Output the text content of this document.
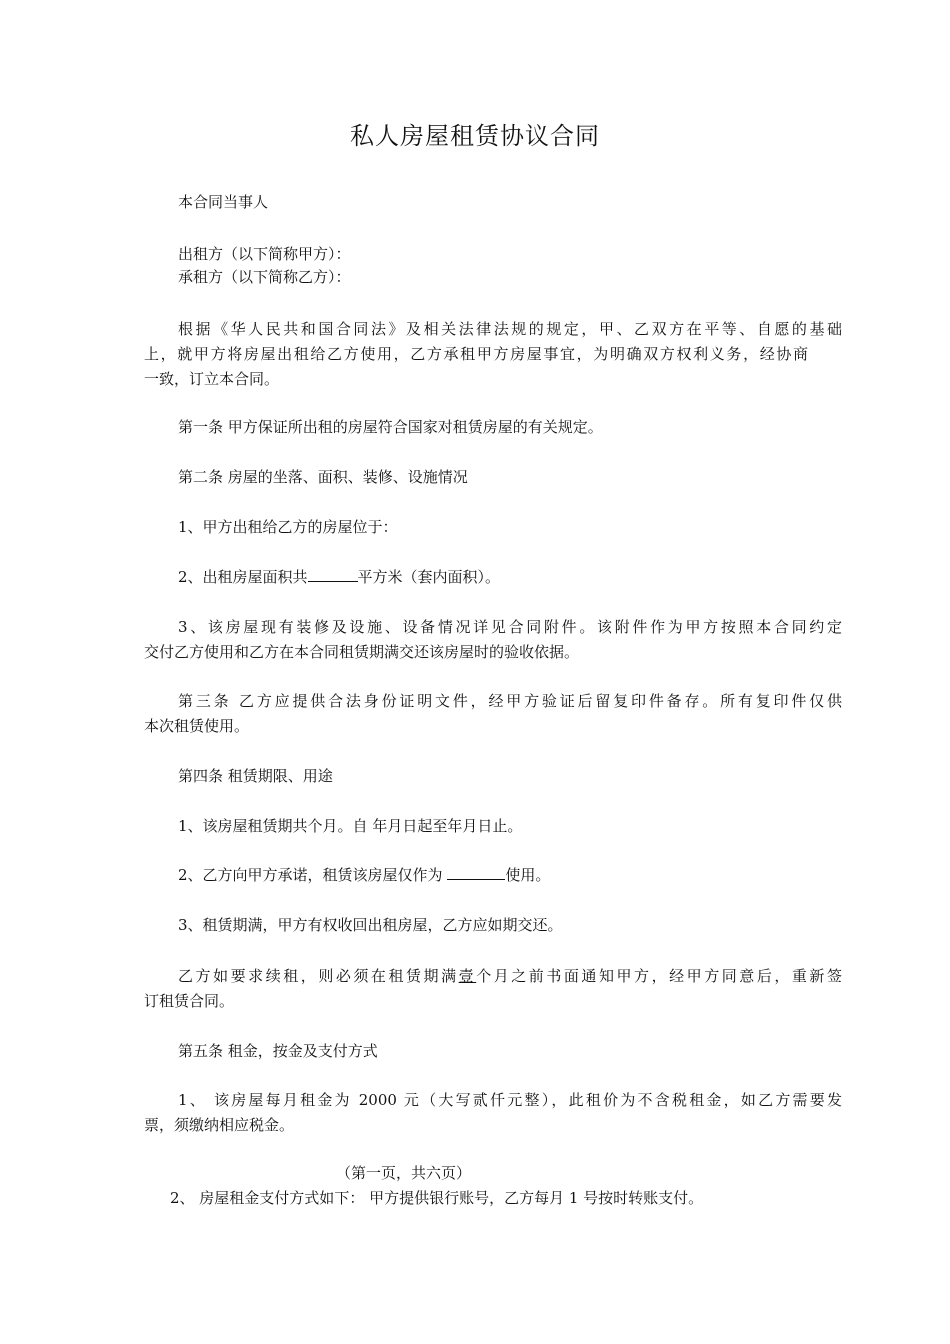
私人房屋租赁协议合同

本合同当事人

出租方（以下简称甲方）：

承租方（以下简称乙方）：

根据《华人民共和国合同法》及相关法律法规的规定，甲、乙双方在平等、自愿的基础

上，就甲方将房屋出租给乙方使用，乙方承租甲方房屋事宜，为明确双方权利义务，经协商

一致，订立本合同。

第一条 甲方保证所出租的房屋符合国家对租赁房屋的有关规定。

第二条 房屋的坐落、面积、装修、设施情况

1、甲方出租给乙方的房屋位于：

2、出租房屋面积共	平方米（套内面积）。

3、该房屋现有装修及设施、设备情况详见合同附件。该附件作为甲方按照本合同约定

交付乙方使用和乙方在本合同租赁期满交还该房屋时的验收依据。

第三条 乙方应提供合法身份证明文件，经甲方验证后留复印件备存。所有复印件仅供

本次租赁使用。

第四条 租赁期限、用途

1、该房屋租赁期共个月。自 年月日起至年月日止。

2、乙方向甲方承诺，租赁该房屋仅作为	使用。

3、租赁期满，甲方有权收回出租房屋，乙方应如期交还。

乙方如要求续租，则必须在租赁期满壹个月之前书面通知甲方，经甲方同意后，重新签

订租赁合同。

第五条 租金，按金及支付方式

1、 该房屋每月租金为 2000 元（大写贰仟元整），此租价为不含税租金，如乙方需要发

票，须缴纳相应税金。

（第一页，共六页）
2、 房屋租金支付方式如下： 甲方提供银行账号，乙方每月 1 号按时转账支付。
